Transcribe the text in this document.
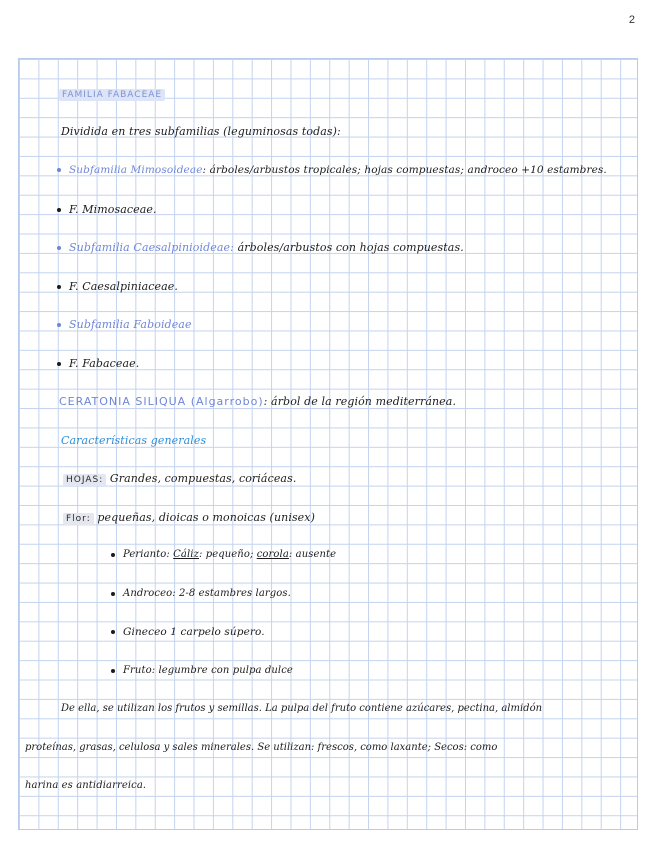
2
FAMILIA FABACEAE
Dividida en tres subfamilias (leguminosas todas):
Subfamilia Mimosoideae: árboles/arbustos tropicales; hojas compuestas; androceo +10 estambres.
F. Mimosaceae.
Subfamilia Caesalpinioideae: árboles/arbustos con hojas compuestas.
F. Caesalpiniaceae.
Subfamilia Faboideae
F. Fabaceae.
CERATONIA SILIQUA (Algarrobo): árbol de la región mediterránea.
Características generales
HOJAS: Grandes, compuestas, coriáceas.
Flor: pequeñas, dioicas o monoicas (unisex)
Perianto: Cáliz: pequeño; corola: ausente
Androceo: 2-8 estambres largos.
Gineceo 1 carpelo súpero.
Fruto: legumbre con pulpa dulce
De ella, se utilizan los frutos y semillas. La pulpa del fruto contiene azúcares, pectina, almidón
proteínas, grasas, celulosa y sales minerales. Se utilizan: frescos, como laxante; Secos: como
harina es antidiarreica.
